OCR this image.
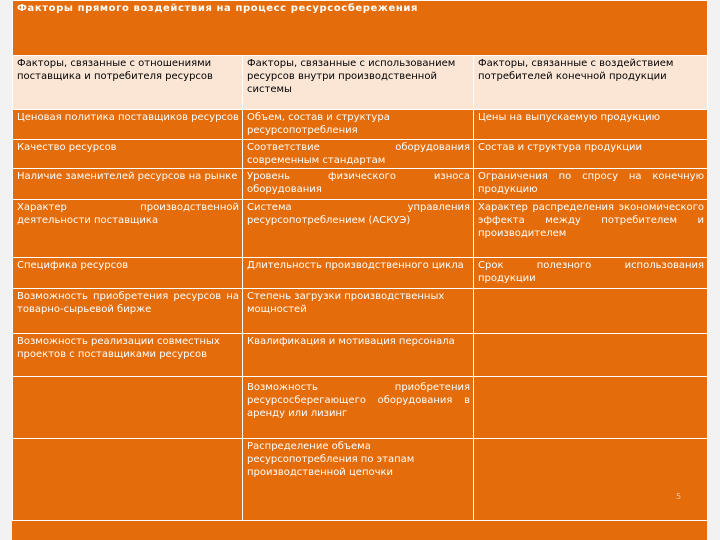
Факторы прямого воздействия на процесс ресурсосбережения		
Факторы, связанные с отношениями поставщика и потребителя ресурсов	Факторы, связанные с использованием ресурсов внутри производственной системы	Факторы, связанные с воздействием потребителей конечной продукции
Ценовая политика поставщиков ресурсов	Объем, состав и структура ресурсопотребления	Цены на выпускаемую продукцию
Качество ресурсов	Соответствие оборудования современным стандартам	Состав и структура продукции
Наличие заменителей ресурсов на рынке	Уровень физического износа оборудования	Ограничения по спросу на конечную продукцию
Характер производственной деятельности поставщика	Система управления ресурсопотреблением (АСКУЭ)	Характер распределения экономического эффекта между потребителем и производителем
Специфика ресурсов	Длительность производственного цикла	Срок полезного использования продукции
Возможность приобретения ресурсов на товарно-сырьевой бирже	Степень загрузки производственных мощностей	
Возможность реализации совместных проектов с поставщиками ресурсов	Квалификация и мотивация персонала	
	Возможность приобретения ресурсосберегающего оборудования в аренду или лизинг	
	Распределение объема ресурсопотребления по этапам производственной цепочки	
5
